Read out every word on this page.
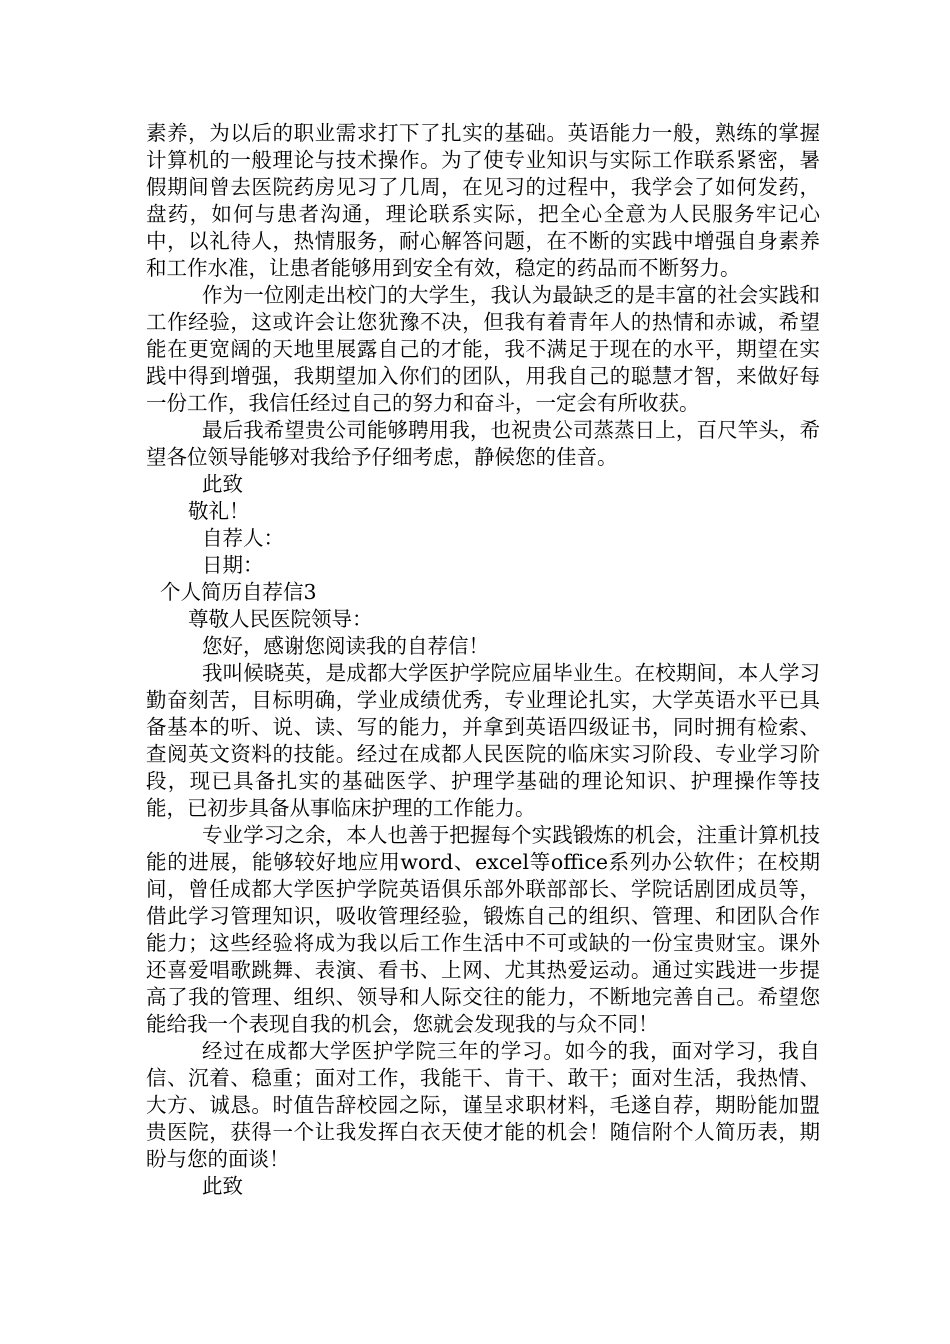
素养，为以后的职业需求打下了扎实的基础。英语能力一般，熟练的掌握计算机的一般理论与技术操作。为了使专业知识与实际工作联系紧密，暑假期间曾去医院药房见习了几周，在见习的过程中，我学会了如何发药，盘药，如何与患者沟通，理论联系实际，把全心全意为人民服务牢记心中，以礼待人，热情服务，耐心解答问题，在不断的实践中增强自身素养和工作水准，让患者能够用到安全有效，稳定的药品而不断努力。

作为一位刚走出校门的大学生，我认为最缺乏的是丰富的社会实践和工作经验，这或许会让您犹豫不决，但我有着青年人的热情和赤诚，希望能在更宽阔的天地里展露自己的才能，我不满足于现在的水平，期望在实践中得到增强，我期望加入你们的团队，用我自己的聪慧才智，来做好每一份工作，我信任经过自己的努力和奋斗，一定会有所收获。

最后我希望贵公司能够聘用我，也祝贵公司蒸蒸日上，百尺竿头，希望各位领导能够对我给予仔细考虑，静候您的佳音。

此致

敬礼！

自荐人：

日期：

个人简历自荐信3

尊敬人民医院领导：

您好，感谢您阅读我的自荐信！

我叫候晓英，是成都大学医护学院应届毕业生。在校期间，本人学习勤奋刻苦，目标明确，学业成绩优秀，专业理论扎实，大学英语水平已具备基本的听、说、读、写的能力，并拿到英语四级证书，同时拥有检索、查阅英文资料的技能。经过在成都人民医院的临床实习阶段、专业学习阶段，现已具备扎实的基础医学、护理学基础的理论知识、护理操作等技能，已初步具备从事临床护理的工作能力。

专业学习之余，本人也善于把握每个实践锻炼的机会，注重计算机技能的进展，能够较好地应用word、excel等office系列办公软件；在校期间，曾任成都大学医护学院英语俱乐部外联部部长、学院话剧团成员等，借此学习管理知识，吸收管理经验，锻炼自己的组织、管理、和团队合作能力；这些经验将成为我以后工作生活中不可或缺的一份宝贵财宝。课外还喜爱唱歌跳舞、表演、看书、上网、尤其热爱运动。通过实践进一步提高了我的管理、组织、领导和人际交往的能力，不断地完善自己。希望您能给我一个表现自我的机会，您就会发现我的与众不同！

经过在成都大学医护学院三年的学习。如今的我，面对学习，我自信、沉着、稳重；面对工作，我能干、肯干、敢干；面对生活，我热情、大方、诚恳。时值告辞校园之际，谨呈求职材料，毛遂自荐，期盼能加盟贵医院，获得一个让我发挥白衣天使才能的机会！随信附个人简历表，期盼与您的面谈！

此致
